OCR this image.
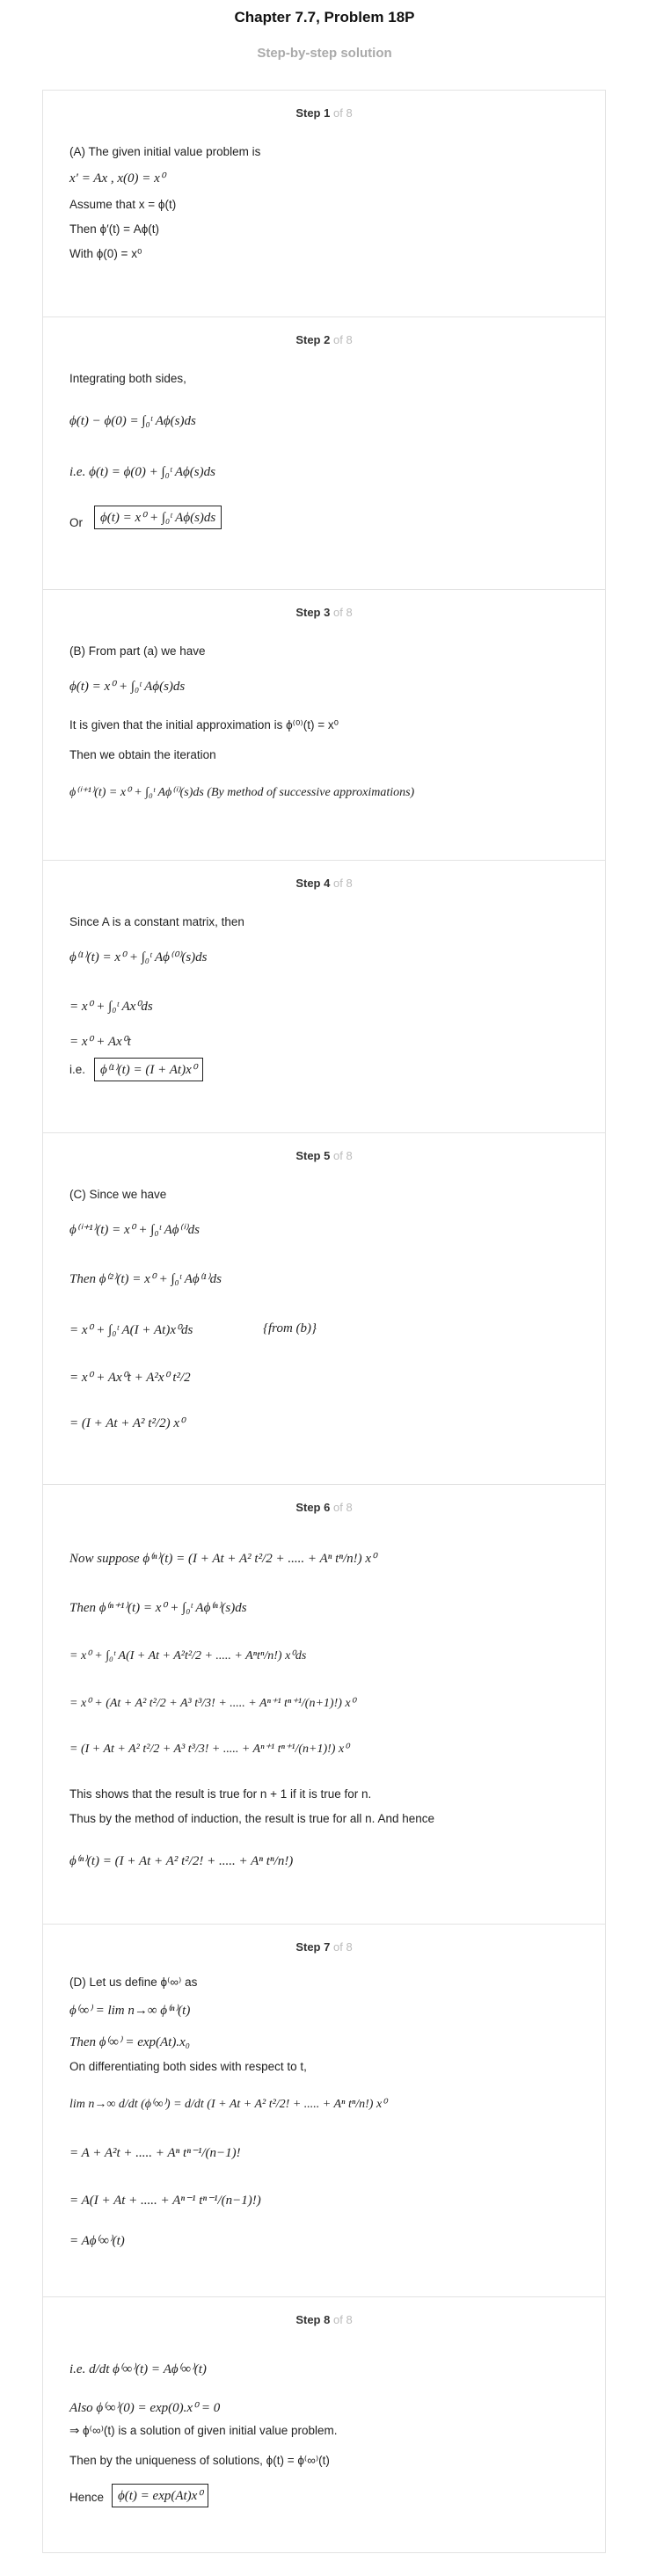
Chapter 7.7, Problem 18P
Step-by-step solution
Step 1 of 8
(A) The given initial value problem is
x′ = Ax , x(0) = x⁰
Assume that x = ϕ(t)
Then ϕ′(t) = Aϕ(t)
With ϕ(0) = x⁰
Step 2 of 8
Integrating both sides,
ϕ(t) − ϕ(0) = ∫₀ᵗ Aϕ(s)ds
i.e. ϕ(t) = ϕ(0) + ∫₀ᵗ Aϕ(s)ds
Or	ϕ(t) = x⁰ + ∫₀ᵗ Aϕ(s)ds
Step 3 of 8
(B) From part (a) we have
ϕ(t) = x⁰ + ∫₀ᵗ Aϕ(s)ds
It is given that the initial approximation is ϕ⁽⁰⁾(t) = x⁰
Then we obtain the iteration
ϕ⁽ⁱ⁺¹⁾(t) = x⁰ + ∫₀ᵗ Aϕ⁽ⁱ⁾(s)ds (By method of successive approximations)
Step 4 of 8
Since A is a constant matrix, then
ϕ⁽¹⁾(t) = x⁰ + ∫₀ᵗ Aϕ⁽⁰⁾(s)ds
= x⁰ + ∫₀ᵗ Ax⁰ds
= x⁰ + Ax⁰t
i.e.	ϕ⁽¹⁾(t) = (I + At)x⁰
Step 5 of 8
(C) Since we have
ϕ⁽ⁱ⁺¹⁾(t) = x⁰ + ∫₀ᵗ Aϕ⁽ⁱ⁾ds
Then ϕ⁽²⁾(t) = x⁰ + ∫₀ᵗ Aϕ⁽¹⁾ds
= x⁰ + ∫₀ᵗ A(I + At)x⁰ds	{from (b)}
= x⁰ + Ax⁰t + A²x⁰ t²/2
= (I + At + A² t²/2) x⁰
Step 6 of 8
Now suppose ϕ⁽ⁿ⁾(t) = (I + At + A² t²/2 + ..... + Aⁿ tⁿ/n!) x⁰
Then ϕ⁽ⁿ⁺¹⁾(t) = x⁰ + ∫₀ᵗ Aϕ⁽ⁿ⁾(s)ds
= x⁰ + ∫₀ᵗ A(I + At + A²t²/2 + ..... + Aⁿtⁿ/n!) x⁰ds
= x⁰ + (At + A² t²/2 + A³ t³/3! + ..... + Aⁿ⁺¹ tⁿ⁺¹/(n+1)!) x⁰
= (I + At + A² t²/2 + A³ t³/3! + ..... + Aⁿ⁺¹ tⁿ⁺¹/(n+1)!) x⁰
This shows that the result is true for n + 1 if it is true for n.
Thus by the method of induction, the result is true for all n. And hence
ϕ⁽ⁿ⁾(t) = (I + At + A² t²/2! + ..... + Aⁿ tⁿ/n!)
Step 7 of 8
(D) Let us define ϕ⁽∞⁾ as
ϕ⁽∞⁾ = lim n→∞ ϕ⁽ⁿ⁾(t)
Then ϕ⁽∞⁾ = exp(At).x₀
On differentiating both sides with respect to t,
lim n→∞ d/dt (ϕ⁽∞⁾) = d/dt (I + At + A² t²/2! + ..... + Aⁿ tⁿ/n!) x⁰
= A + A²t + ..... + Aⁿ tⁿ⁻¹/(n−1)!
= A(I + At + ..... + Aⁿ⁻¹ tⁿ⁻¹/(n−1)!)
= Aϕ⁽∞⁾(t)
Step 8 of 8
i.e. d/dt ϕ⁽∞⁾(t) = Aϕ⁽∞⁾(t)
Also ϕ⁽∞⁾(0) = exp(0).x⁰ = 0
⇒ ϕ⁽∞⁾(t) is a solution of given initial value problem.
Then by the uniqueness of solutions, ϕ(t) = ϕ⁽∞⁾(t)
Hence	ϕ(t) = exp(At)x⁰
